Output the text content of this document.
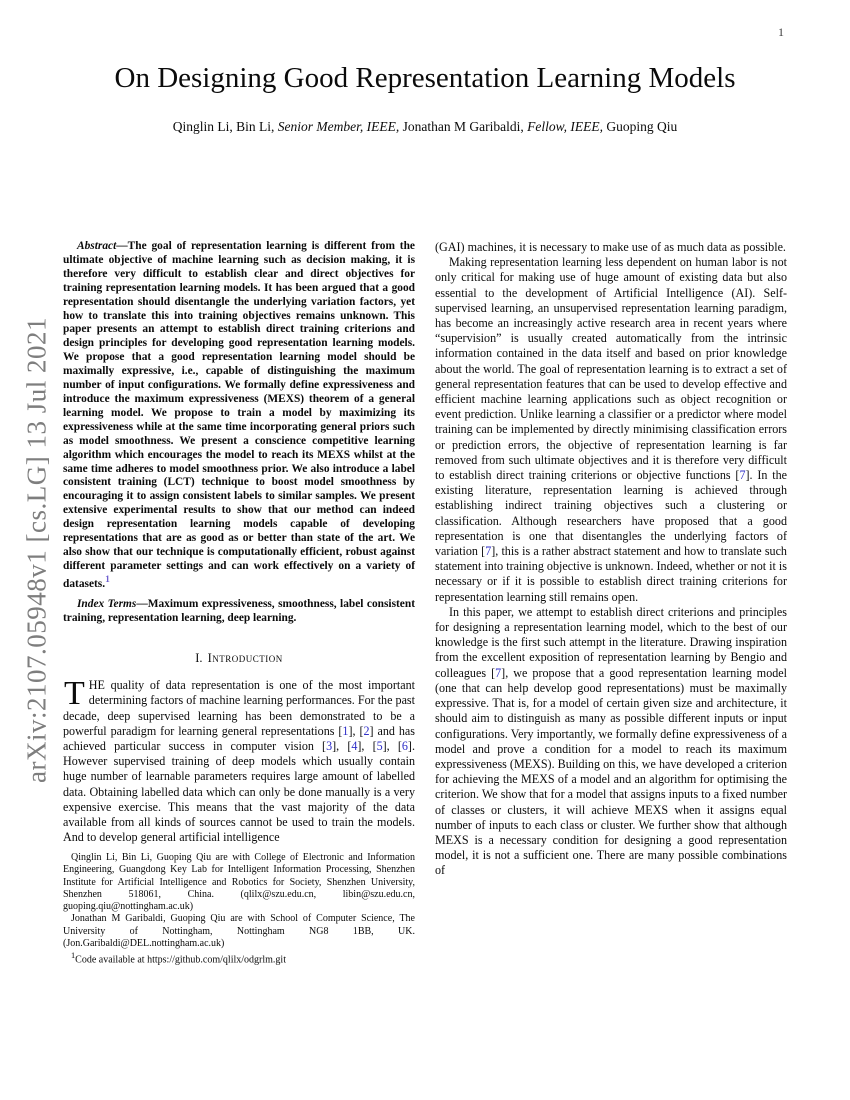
arXiv:2107.05948v1 [cs.LG] 13 Jul 2021
1
On Designing Good Representation Learning Models
Qinglin Li, Bin Li, Senior Member, IEEE, Jonathan M Garibaldi, Fellow, IEEE, Guoping Qiu

Abstract—The goal of representation learning is different from the ultimate objective of machine learning such as decision making, it is therefore very difficult to establish clear and direct objectives for training representation learning models. It has been argued that a good representation should disentangle the underlying variation factors, yet how to translate this into training objectives remains unknown. This paper presents an attempt to establish direct training criterions and design principles for developing good representation learning models. We propose that a good representation learning model should be maximally expressive, i.e., capable of distinguishing the maximum number of input configurations. We formally define expressiveness and introduce the maximum expressiveness (MEXS) theorem of a general learning model. We propose to train a model by maximizing its expressiveness while at the same time incorporating general priors such as model smoothness. We present a conscience competitive learning algorithm which encourages the model to reach its MEXS whilst at the same time adheres to model smoothness prior. We also introduce a label consistent training (LCT) technique to boost model smoothness by encouraging it to assign consistent labels to similar samples. We present extensive experimental results to show that our method can indeed design representation learning models capable of developing representations that are as good as or better than state of the art. We also show that our technique is computationally efficient, robust against different parameter settings and can work effectively on a variety of datasets.$^1$

Index Terms—Maximum expressiveness, smoothness, label consistent training, representation learning, deep learning.

I. Introduction

THE quality of data representation is one of the most important determining factors of machine learning performances. For the past decade, deep supervised learning has been demonstrated to be a powerful paradigm for learning general representations [1], [2] and has achieved particular success in computer vision [3], [4], [5], [6]. However supervised training of deep models which usually contain huge number of learnable parameters requires large amount of labelled data. Obtaining labelled data which can only be done manually is a very expensive exercise. This means that the vast majority of the data available from all kinds of sources cannot be used to train the models. And to develop general artificial intelligence

Qinglin Li, Bin Li, Guoping Qiu are with College of Electronic and Information Engineering, Guangdong Key Lab for Intelligent Information Processing, Shenzhen Institute for Artificial Intelligence and Robotics for Society, Shenzhen University, Shenzhen 518061, China. (qlilx@szu.edu.cn, libin@szu.edu.cn, guoping.qiu@nottingham.ac.uk)

Jonathan M Garibaldi, Guoping Qiu are with School of Computer Science, The University of Nottingham, Nottingham NG8 1BB, UK. (Jon.Garibaldi@DEL.nottingham.ac.uk)

$^1$Code available at https://github.com/qlilx/odgrlm.git

(GAI) machines, it is necessary to make use of as much data as possible.

Making representation learning less dependent on human labor is not only critical for making use of huge amount of existing data but also essential to the development of Artificial Intelligence (AI). Self-supervised learning, an unsupervised representation learning paradigm, has become an increasingly active research area in recent years where “supervision” is usually created automatically from the intrinsic information contained in the data itself and based on prior knowledge about the world. The goal of representation learning is to extract a set of general representation features that can be used to develop effective and efficient machine learning applications such as object recognition or event prediction. Unlike learning a classifier or a predictor where model training can be implemented by directly minimising classification errors or prediction errors, the objective of representation learning is far removed from such ultimate objectives and it is therefore very difficult to establish direct training criterions or objective functions [7]. In the existing literature, representation learning is achieved through establishing indirect training objectives such a clustering or classification. Although researchers have proposed that a good representation is one that disentangles the underlying factors of variation [7], this is a rather abstract statement and how to translate such statement into training objective is unknown. Indeed, whether or not it is necessary or if it is possible to establish direct training criterions for representation learning still remains open.

In this paper, we attempt to establish direct criterions and principles for designing a representation learning model, which to the best of our knowledge is the first such attempt in the literature. Drawing inspiration from the excellent exposition of representation learning by Bengio and colleagues [7], we propose that a good representation learning model (one that can help develop good representations) must be maximally expressive. That is, for a model of certain given size and architecture, it should aim to distinguish as many as possible different inputs or input configurations. Very importantly, we formally define expressiveness of a model and prove a condition for a model to reach its maximum expressiveness (MEXS). Building on this, we have developed a criterion for achieving the MEXS of a model and an algorithm for optimising the criterion. We show that for a model that assigns inputs to a fixed number of classes or clusters, it will achieve MEXS when it assigns equal number of inputs to each class or cluster. We further show that although MEXS is a necessary condition for designing a good representation model, it is not a sufficient one. There are many possible combinations of
